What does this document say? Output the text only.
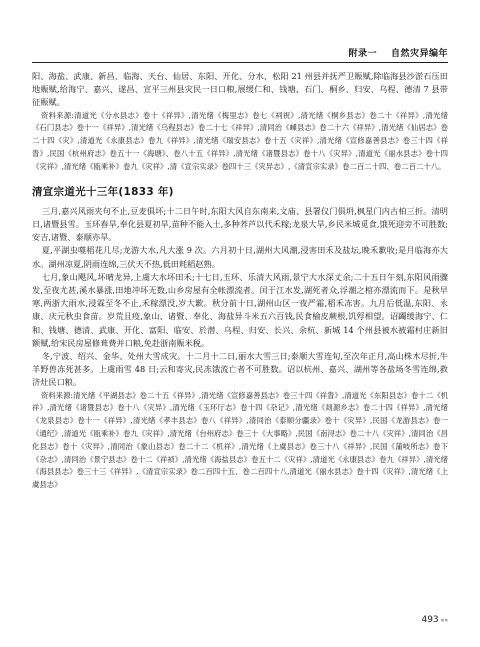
附录一 自然灾异编年

阳、海盐、武康、新昌、临海、天台、仙居、东阳、开化、分水、松阳 21 州县并抚严卫赈赋,除临海县沙淤石压田地赈赋,给海宁、嘉兴、遂昌、宣平三州县灾民一日口粮,展缓仁和、钱塘、石门、桐乡、归安、乌程、德清 7 县带征赈赋。

资料来源:清道光《分水县志》卷十《祥异》,清光绪《梅里志》卷七《祠祝》,清光绪《桐乡县志》卷二十《祥异》,清光绪《石门县志》卷十一《祥异》,清光绪《乌程县志》卷二十七《祥异》,清同治《嵊县志》卷二十六《祥异》,清光绪《仙居志》卷二十四《灾》,清道光《永康县志》卷九《祥异》,清光绪《瑞安县志》卷十五《灾祥》,清光绪《宣修嘉善县志》卷三十四《祥眚》,民国《杭州府志》卷五十一《海塘》、卷八十五《祥异》,清光绪《诸暨县志》卷十八《灾异》,清道光《丽水县志》卷十四《灾祥》,清光绪《瓯乘补》卷九《灾祥》,清《宣宗实录》卷四十三《灾异志》,《清宣宗实录》卷二百二十四、卷二百二十八。

清宣宗道光十三年(1833 年)

三月,嘉兴风雨夹句不止,豆麦俱坏;十二日午时,东阳大风自东南来,文庙、县署仪门俱坍,枫星门内古柏三折。清明日,诸暨县雪。玉环春旱,奉化县夏初旱,苗种不能入土,多种荞芦以代禾稼;龙泉大旱,乡民米城觅食,饿死迎旁不可胜数;安吉,诸暨、泰顺亦旱。

夏,平湖虫噬稻花几尽;龙游大水,凡大涨 9 次。六月初十日,湖州大风潮,浸害田禾及盐坛,晚禾歉收;是月临海亦大水。湖州凉夏,阴雨连绵,三伏天不热,低田耗稻赵熟。

七月,象山飓风,坏晴龙异,上虞大水坏田禾;十七日,玉环、乐清大风雨,景宁大水深丈余;二十五日午刻,东阳风雨骤发,至夜尤甚,溪水暴涨,田地冲坏无数,山乡房屋有全帐漂流者。闰于江水发,湖死者众,浮潮之棺亦漂流而下。是秋早寒,两浙大雨水,浸霖至冬不止,禾稼漂没,岁大歉。秋分前十日,湖州山区一夜严霜,稻禾冻害。九月后低温,东阳、永康、庆元秋虫食苗。岁荒且疫,象山、诸暨、奉化、海盐异斗米五六百钱,民食榆皮蕨根,饥殍相望。诏蠲缓海宁、仁和、钱塘、德清、武康、开化、富阳、临安、於潜、乌程、归安、长兴、余杭、新城 14 个州县被水被霜村庄新旧额赋,给宋民房屋修葺费并口粮,免赴浙南赈米税。

冬,宁波、绍兴、金华、处州大雪成灾。十二月十二日,丽水大雪三日;泰顺大雪连旬,至次年正月,高山株木尽折,牛羊野兽冻死甚多。上虞雨雪 48 日;云和寄灾,民冻饿流亡者不可胜数。诏以杭州、嘉兴、湖州等各盐场冬雪连绵,救济灶民口粮。

资料来源:清光绪《平湖县志》卷二十五《祥异》,清光绪《宣修嘉善县志》卷三十四《祥眚》,清道光《东阳县志》卷十二《机祥》,清光绪《诸暨县志》卷十八《灾异》,清光绪《玉环厅志》卷十四《杂记》,清光绪《剡源乡志》卷二十四《祥异》,清光绪《龙泉县志》卷十一《祥异》,清光绪《孝丰县志》卷八《祥异》,清同治《泰顺分疆录》卷十《灾异》,民国《龙游县志》卷一《通纪》,清道光《瓯乘补》卷九《灾祥》,清光绪《台州府志》卷三十《大事略》,民国《南浔志》卷二十八《灾祥》,清同治《昌化县志》卷十《灾异》,清同治《象山县志》卷二十二《机祥》,清光绪《上虞县志》卷三十八《祥异》,民国《蒲岐所志》卷下《杂志》,清同治《景宁县志》卷十二《祥祯》,清光绪《海盐县志》卷五十二《灾祥》,清道光《永康县志》卷九《祥异》,清光绪《海县县志》卷三十三《祥异》,《清宣宗实录》卷二百四十五、卷二百四十八,清道光《丽水县志》卷十四《灾祥》,清光绪《上虞县志》

493 ««
